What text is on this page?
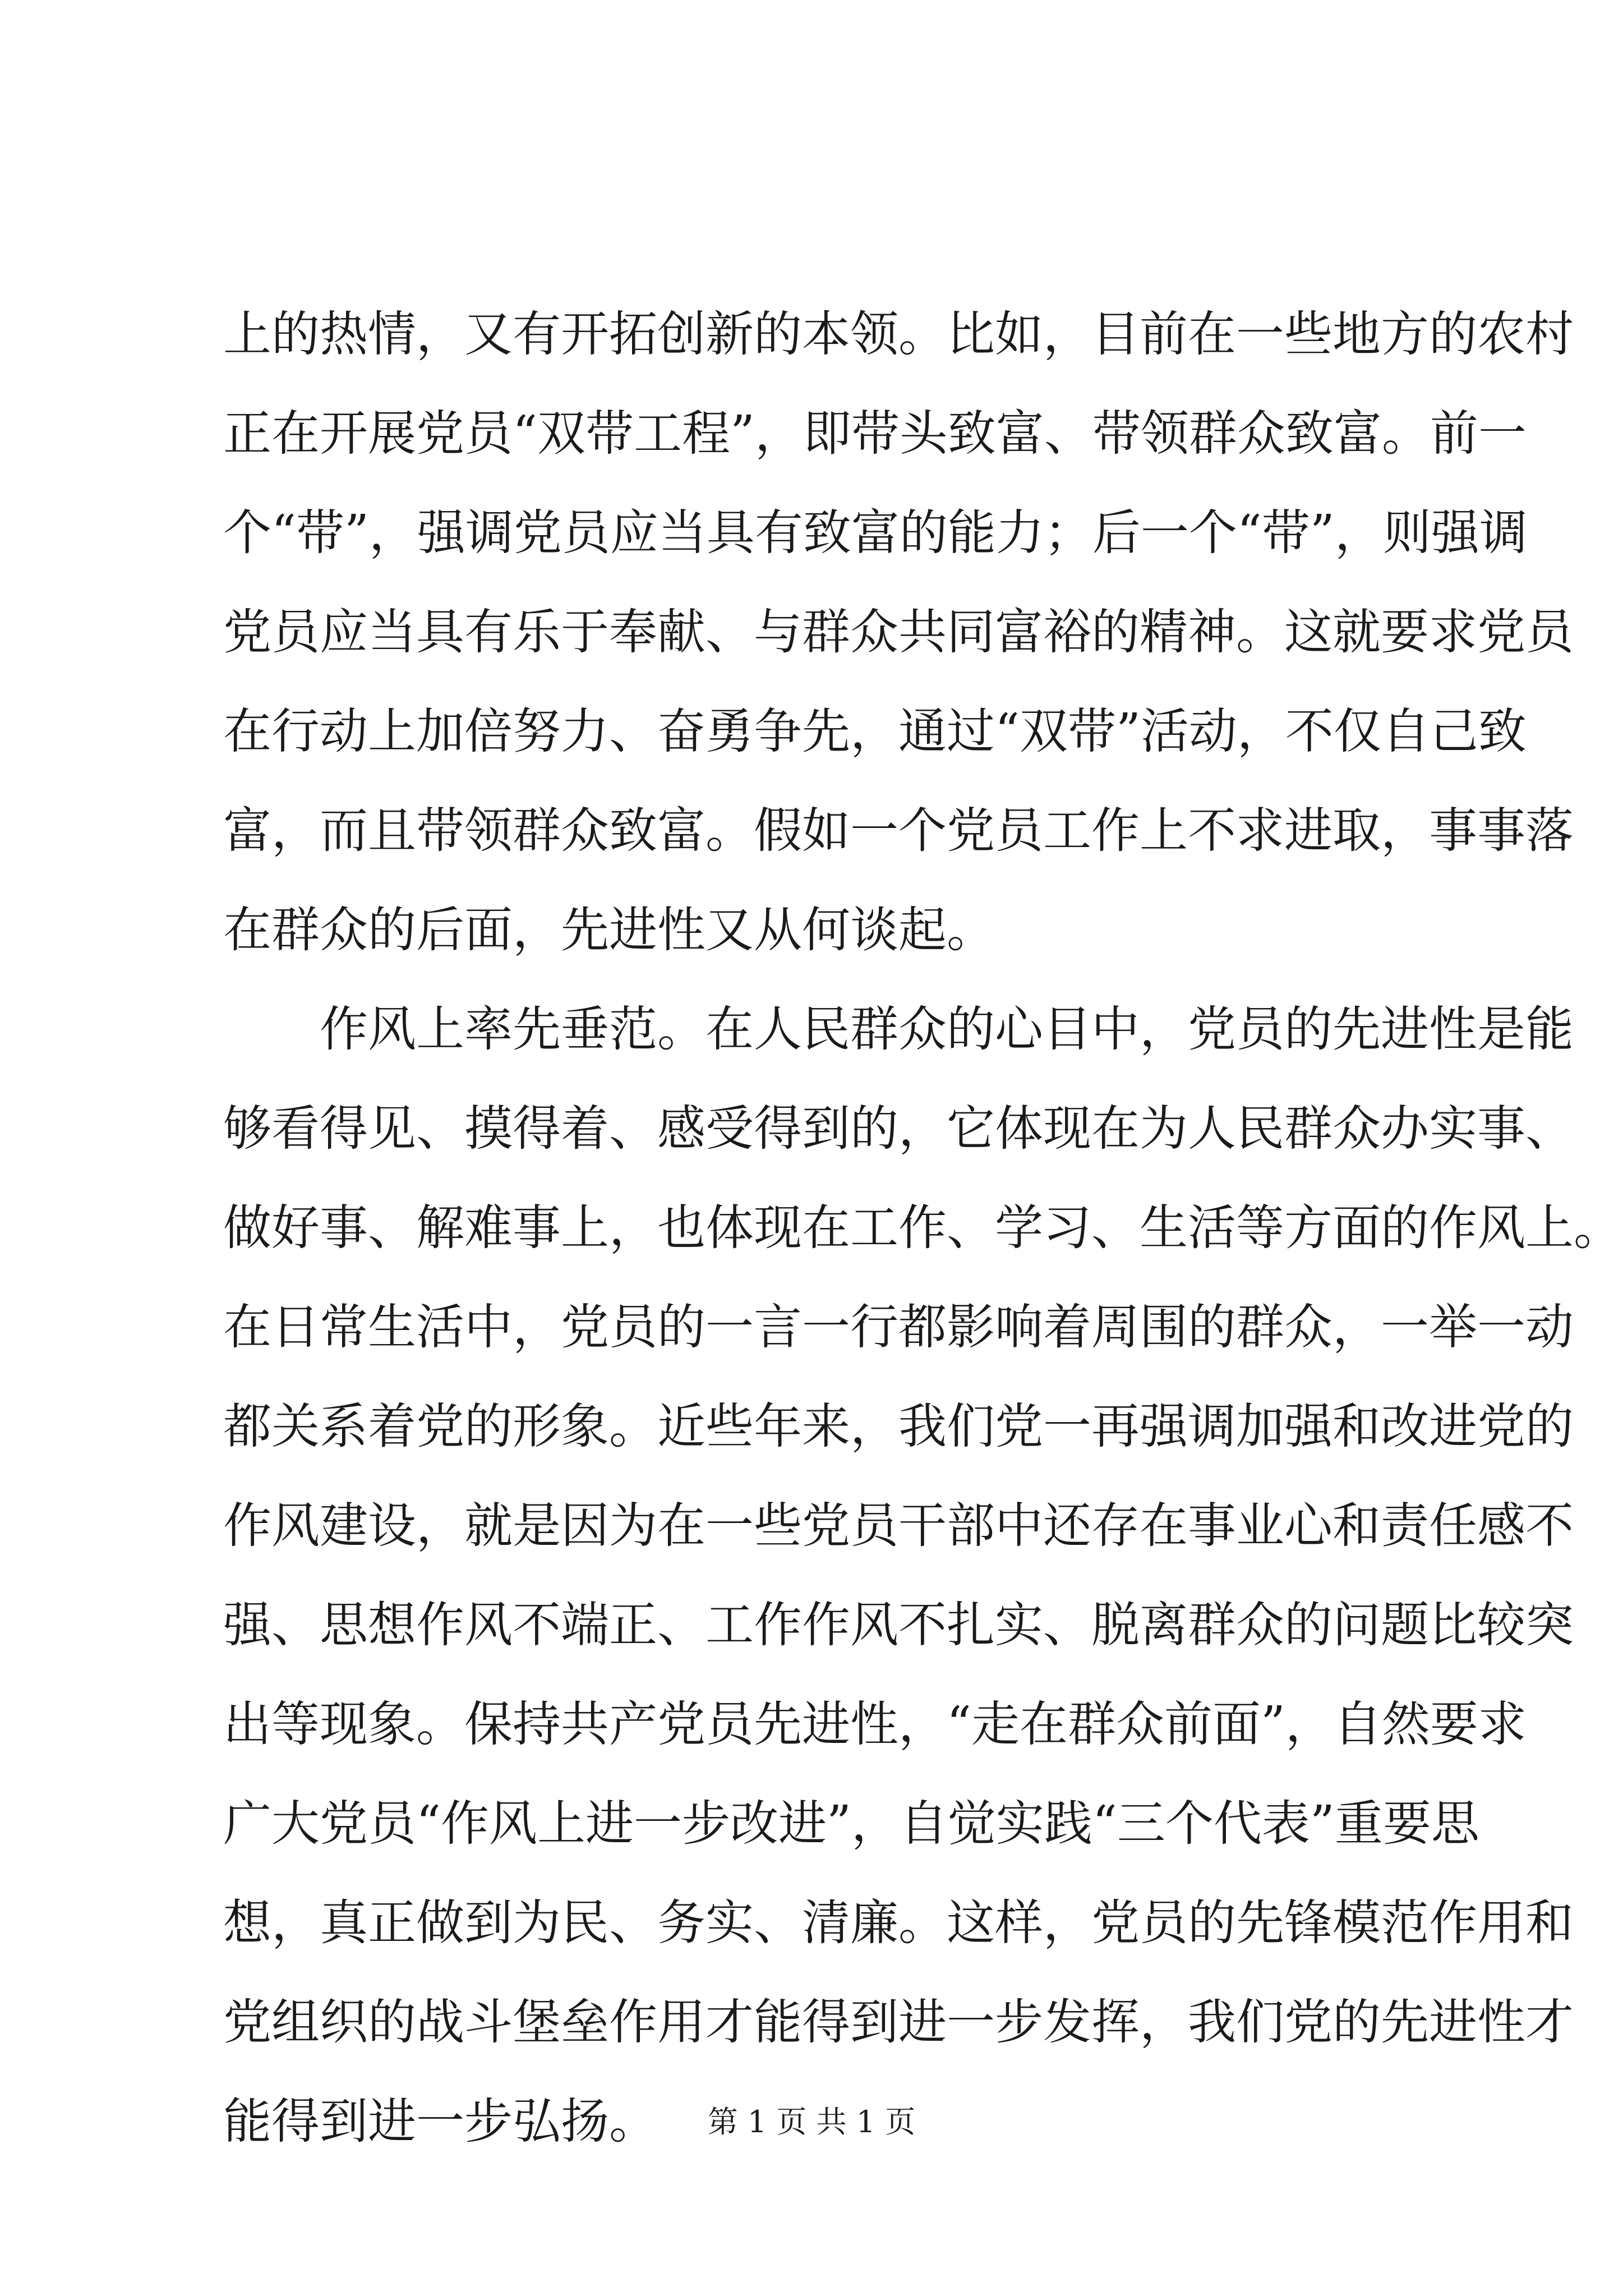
上的热情，又有开拓创新的本领。比如，目前在一些地方的农村
正在开展党员“双带工程”，即带头致富、带领群众致富。前一
个“带”，强调党员应当具有致富的能力；后一个“带”，则强调
党员应当具有乐于奉献、与群众共同富裕的精神。这就要求党员
在行动上加倍努力、奋勇争先，通过“双带”活动，不仅自己致
富，而且带领群众致富。假如一个党员工作上不求进取，事事落
在群众的后面，先进性又从何谈起。
　　作风上率先垂范。在人民群众的心目中，党员的先进性是能
够看得见、摸得着、感受得到的，它体现在为人民群众办实事、
做好事、解难事上，也体现在工作、学习、生活等方面的作风上。
在日常生活中，党员的一言一行都影响着周围的群众，一举一动
都关系着党的形象。近些年来，我们党一再强调加强和改进党的
作风建设，就是因为在一些党员干部中还存在事业心和责任感不
强、思想作风不端正、工作作风不扎实、脱离群众的问题比较突
出等现象。保持共产党员先进性，“走在群众前面”，自然要求
广大党员“作风上进一步改进”，自觉实践“三个代表”重要思
想，真正做到为民、务实、清廉。这样，党员的先锋模范作用和
党组织的战斗堡垒作用才能得到进一步发挥，我们党的先进性才
能得到进一步弘扬。	第 1 页 共 1 页
